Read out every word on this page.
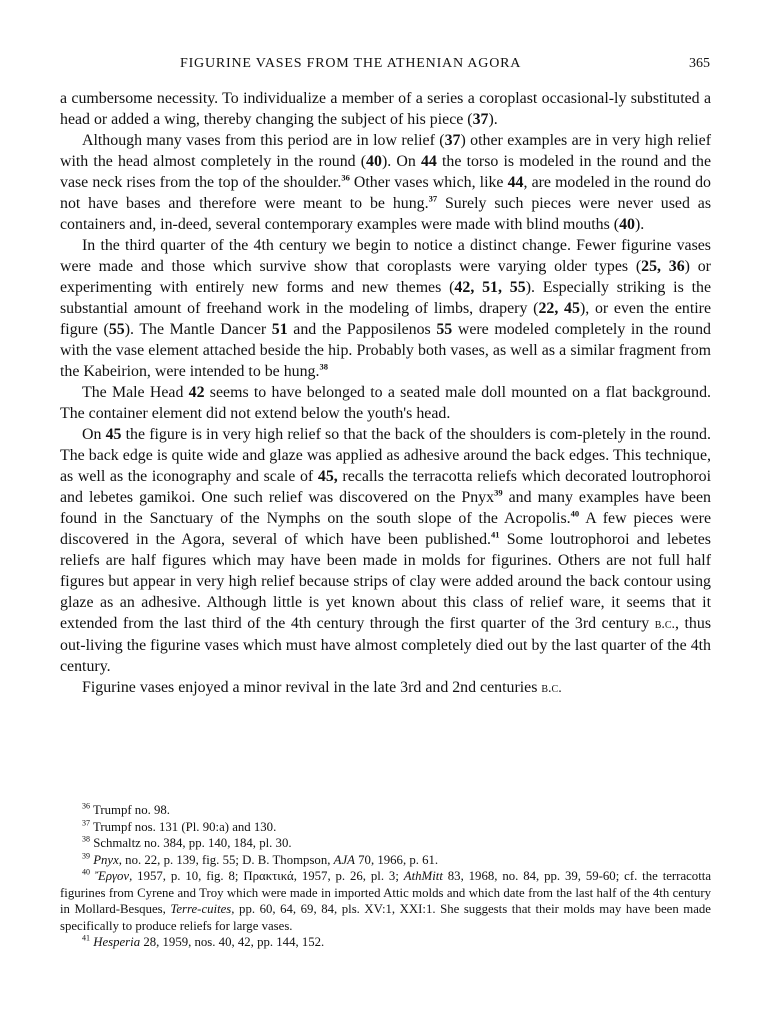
FIGURINE VASES FROM THE ATHENIAN AGORA	365

a cumbersome necessity. To individualize a member of a series a coroplast occasional-ly substituted a head or added a wing, thereby changing the subject of his piece (37).

Although many vases from this period are in low relief (37) other examples are in very high relief with the head almost completely in the round (40). On 44 the torso is modeled in the round and the vase neck rises from the top of the shoulder.$^{36}$ Other vases which, like 44, are modeled in the round do not have bases and therefore were meant to be hung.$^{37}$ Surely such pieces were never used as containers and, in-deed, several contemporary examples were made with blind mouths (40).

In the third quarter of the 4th century we begin to notice a distinct change. Fewer figurine vases were made and those which survive show that coroplasts were varying older types (25, 36) or experimenting with entirely new forms and new themes (42, 51, 55). Especially striking is the substantial amount of freehand work in the modeling of limbs, drapery (22, 45), or even the entire figure (55). The Mantle Dancer 51 and the Papposilenos 55 were modeled completely in the round with the vase element attached beside the hip. Probably both vases, as well as a similar fragment from the Kabeirion, were intended to be hung.$^{38}$

The Male Head 42 seems to have belonged to a seated male doll mounted on a flat background. The container element did not extend below the youth's head.

On 45 the figure is in very high relief so that the back of the shoulders is com-pletely in the round. The back edge is quite wide and glaze was applied as adhesive around the back edges. This technique, as well as the iconography and scale of 45, recalls the terracotta reliefs which decorated loutrophoroi and lebetes gamikoi. One such relief was discovered on the Pnyx$^{39}$ and many examples have been found in the Sanctuary of the Nymphs on the south slope of the Acropolis.$^{40}$ A few pieces were discovered in the Agora, several of which have been published.$^{41}$ Some loutrophoroi and lebetes reliefs are half figures which may have been made in molds for figurines. Others are not full half figures but appear in very high relief because strips of clay were added around the back contour using glaze as an adhesive. Although little is yet known about this class of relief ware, it seems that it extended from the last third of the 4th century through the first quarter of the 3rd century b.c., thus out-living the figurine vases which must have almost completely died out by the last quarter of the 4th century.

Figurine vases enjoyed a minor revival in the late 3rd and 2nd centuries b.c.

$^{36}$ Trumpf no. 98.

$^{37}$ Trumpf nos. 131 (Pl. 90:a) and 130.

$^{38}$ Schmaltz no. 384, pp. 140, 184, pl. 30.

$^{39}$ Pnyx, no. 22, p. 139, fig. 55; D. B. Thompson, AJA 70, 1966, p. 61.

$^{40}$ Ἔργον, 1957, p. 10, fig. 8; Πρακτικά, 1957, p. 26, pl. 3; AthMitt 83, 1968, no. 84, pp. 39, 59-60; cf. the terracotta figurines from Cyrene and Troy which were made in imported Attic molds and which date from the last half of the 4th century in Mollard-Besques, Terre-cuites, pp. 60, 64, 69, 84, pls. XV:1, XXI:1. She suggests that their molds may have been made specifically to produce reliefs for large vases.

$^{41}$ Hesperia 28, 1959, nos. 40, 42, pp. 144, 152.
